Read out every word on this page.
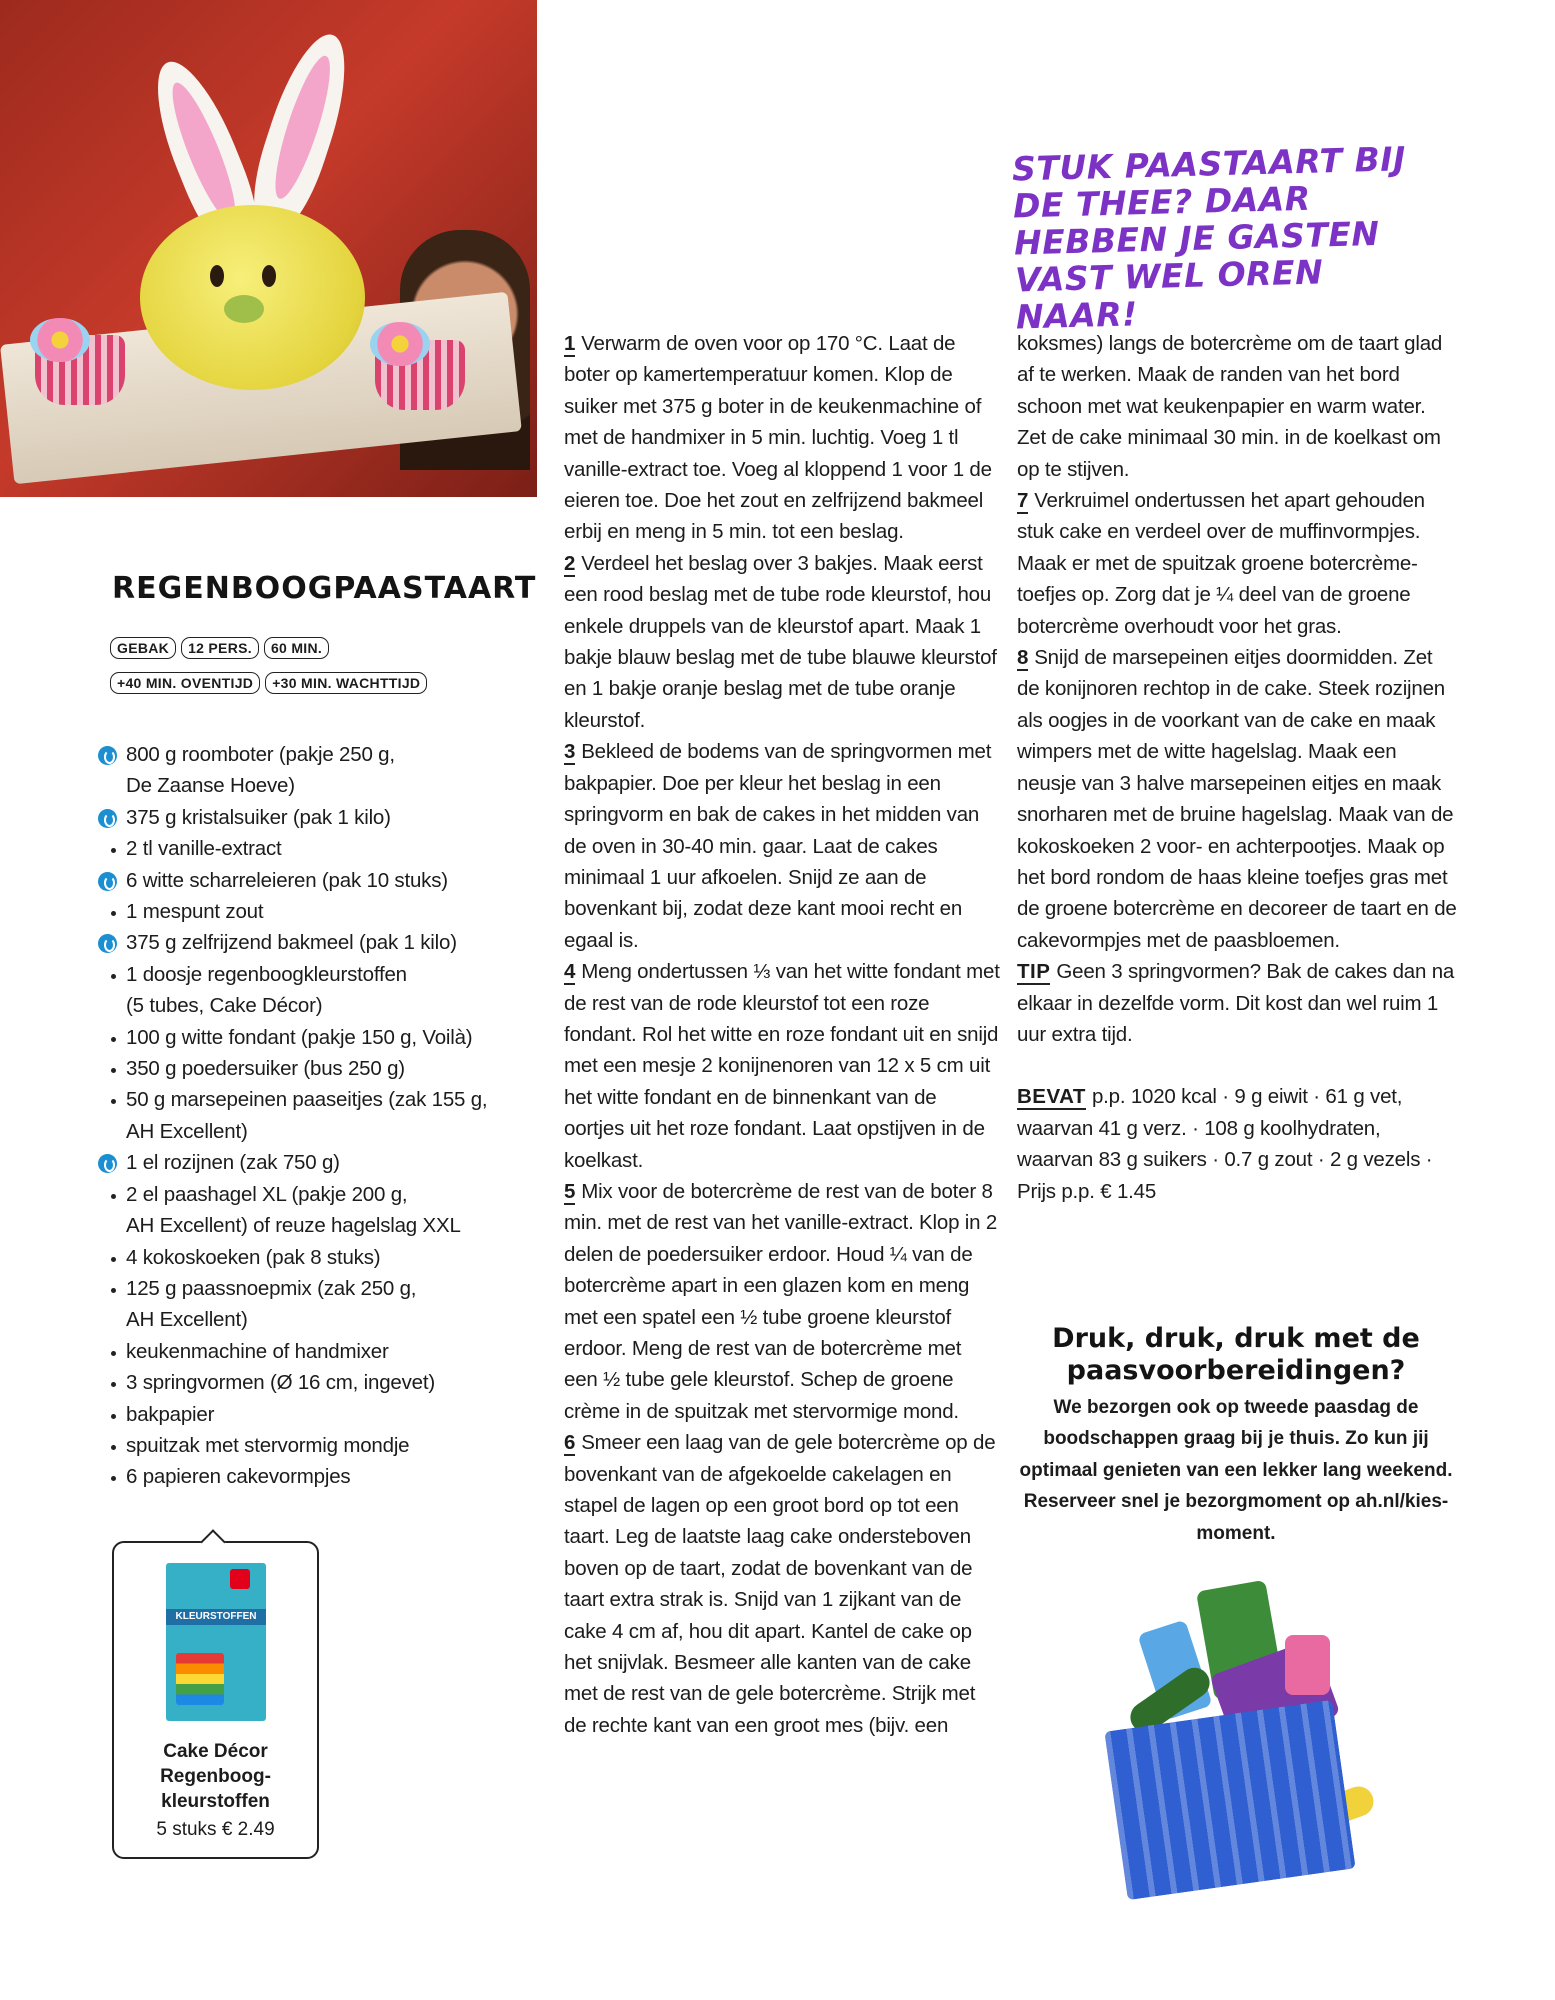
STUK PAASTAART BIJ DE THEE? DAAR HEBBEN JE GASTEN VAST WEL OREN NAAR!
REGENBOOGPAASTAART
GEBAK	12 PERS.	60 MIN.
+40 MIN. OVENTIJD	+30 MIN. WACHTTIJD
800 g roomboter (pakje 250 g,
De Zaanse Hoeve)
375 g kristalsuiker (pak 1 kilo)
2 tl vanille-extract
6 witte scharreleieren (pak 10 stuks)
1 mespunt zout
375 g zelfrijzend bakmeel (pak 1 kilo)
1 doosje regenboogkleurstoffen
(5 tubes, Cake Décor)
100 g witte fondant (pakje 150 g, Voilà)
350 g poedersuiker (bus 250 g)
50 g marsepeinen paaseitjes (zak 155 g,
AH Excellent)
1 el rozijnen (zak 750 g)
2 el paashagel XL (pakje 200 g,
AH Excellent) of reuze hagelslag XXL
4 kokoskoeken (pak 8 stuks)
125 g paassnoepmix (zak 250 g,
AH Excellent)
keukenmachine of handmixer
3 springvormen (Ø 16 cm, ingevet)
bakpapier
spuitzak met stervormig mondje
6 papieren cakevormpjes
KLEURSTOFFEN
Cake Décor
Regenboog-
kleurstoffen
5 stuks € 2.49
1 Verwarm de oven voor op 170 °C. Laat de boter op kamertemperatuur komen. Klop de suiker met 375 g boter in de keukenmachine of met de handmixer in 5 min. luchtig. Voeg 1 tl vanille-extract toe. Voeg al kloppend 1 voor 1 de eieren toe. Doe het zout en zelfrijzend bakmeel erbij en meng in 5 min. tot een beslag.
2 Verdeel het beslag over 3 bakjes. Maak eerst een rood beslag met de tube rode kleurstof, hou enkele druppels van de kleurstof apart. Maak 1 bakje blauw beslag met de tube blauwe kleurstof en 1 bakje oranje beslag met de tube oranje kleurstof.
3 Bekleed de bodems van de springvormen met bakpapier. Doe per kleur het beslag in een springvorm en bak de cakes in het midden van de oven in 30-40 min. gaar. Laat de cakes minimaal 1 uur afkoelen. Snijd ze aan de bovenkant bij, zodat deze kant mooi recht en egaal is.
4 Meng ondertussen ⅓ van het witte fondant met de rest van de rode kleurstof tot een roze fondant. Rol het witte en roze fondant uit en snijd met een mesje 2 konijnenoren van 12 x 5 cm uit het witte fondant en de binnenkant van de oortjes uit het roze fondant. Laat opstijven in de koelkast.
5 Mix voor de botercrème de rest van de boter 8 min. met de rest van het vanille-extract. Klop in 2 delen de poedersuiker erdoor. Houd ¼ van de botercrème apart in een glazen kom en meng met een spatel een ½ tube groene kleurstof erdoor. Meng de rest van de botercrème met een ½ tube gele kleurstof. Schep de groene crème in de spuitzak met stervormige mond.
6 Smeer een laag van de gele botercrème op de bovenkant van de afgekoelde cakelagen en stapel de lagen op een groot bord op tot een taart. Leg de laatste laag cake ondersteboven boven op de taart, zodat de bovenkant van de taart extra strak is. Snijd van 1 zijkant van de cake 4 cm af, hou dit apart. Kantel de cake op het snijvlak. Besmeer alle kanten van de cake met de rest van de gele botercrème. Strijk met de rechte kant van een groot mes (bijv. een
koksmes) langs de botercrème om de taart glad af te werken. Maak de randen van het bord schoon met wat keukenpapier en warm water. Zet de cake minimaal 30 min. in de koelkast om op te stijven.
7 Verkruimel ondertussen het apart gehouden stuk cake en verdeel over de muffinvormpjes. Maak er met de spuitzak groene botercrème-toefjes op. Zorg dat je ¼ deel van de groene botercrème overhoudt voor het gras.
8 Snijd de marsepeinen eitjes doormidden. Zet de konijnoren rechtop in de cake. Steek rozijnen als oogjes in de voorkant van de cake en maak wimpers met de witte hagelslag. Maak een neusje van 3 halve marsepeinen eitjes en maak snorharen met de bruine hagelslag. Maak van de kokoskoeken 2 voor- en achterpootjes. Maak op het bord rondom de haas kleine toefjes gras met de groene botercrème en decoreer de taart en de cakevormpjes met de paasbloemen.
TIP Geen 3 springvormen? Bak de cakes dan na elkaar in dezelfde vorm. Dit kost dan wel ruim 1 uur extra tijd.
BEVAT p.p. 1020 kcal · 9 g eiwit · 61 g vet, waarvan 41 g verz. · 108 g koolhydraten, waarvan 83 g suikers · 0.7 g zout · 2 g vezels · Prijs p.p. € 1.45
Druk, druk, druk met de paasvoorbereidingen?
We bezorgen ook op tweede paasdag de boodschappen graag bij je thuis. Zo kun jij optimaal genieten van een lekker lang weekend. Reserveer snel je bezorgmoment op ah.nl/kies-moment.
